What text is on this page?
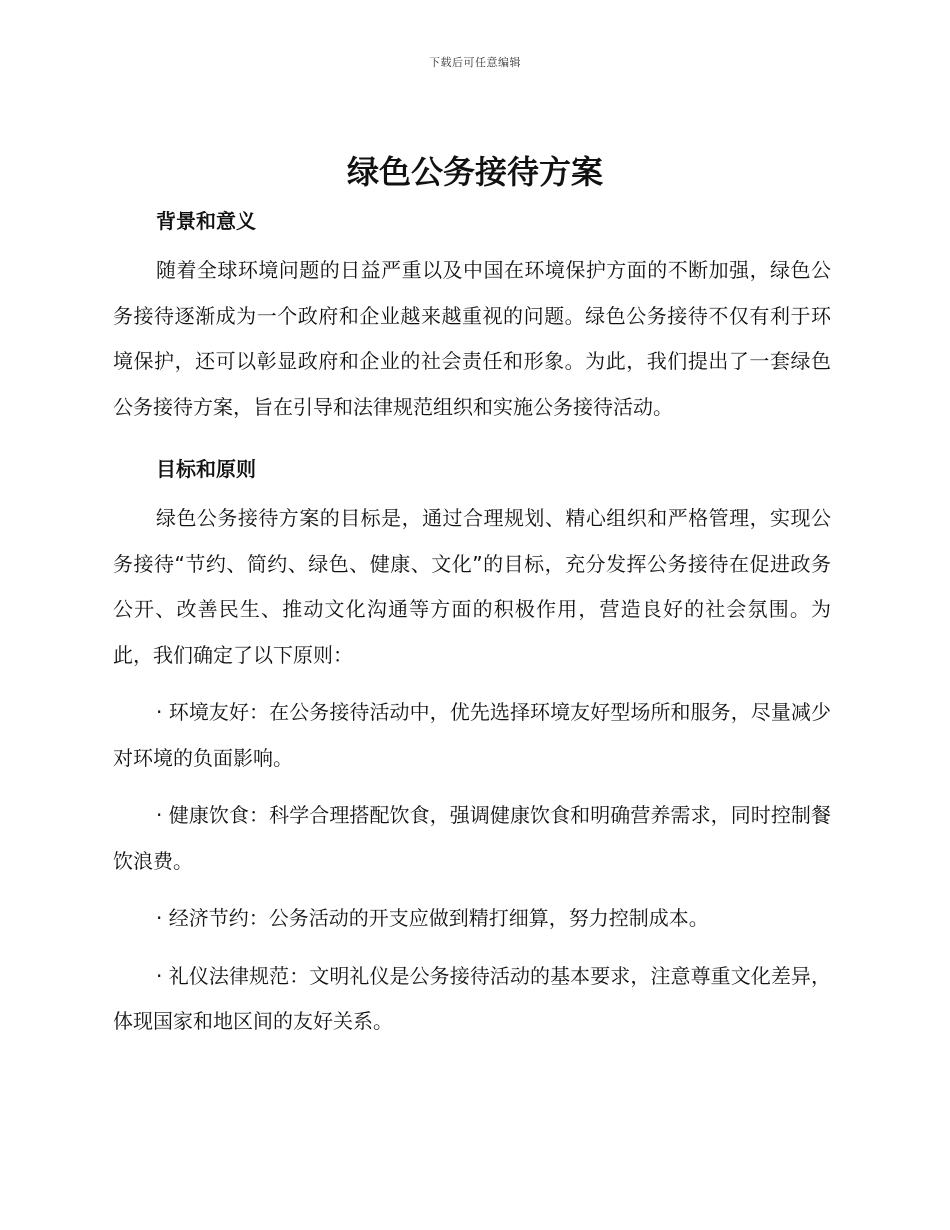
下载后可任意编辑
绿色公务接待方案
背景和意义

随着全球环境问题的日益严重以及中国在环境保护方面的不断加强，绿色公务接待逐渐成为一个政府和企业越来越重视的问题。绿色公务接待不仅有利于环境保护，还可以彰显政府和企业的社会责任和形象。为此，我们提出了一套绿色公务接待方案，旨在引导和法律规范组织和实施公务接待活动。

目标和原则

绿色公务接待方案的目标是，通过合理规划、精心组织和严格管理，实现公务接待“节约、简约、绿色、健康、文化”的目标，充分发挥公务接待在促进政务公开、改善民生、推动文化沟通等方面的积极作用，营造良好的社会氛围。为此，我们确定了以下原则：

· 环境友好：在公务接待活动中，优先选择环境友好型场所和服务，尽量减少对环境的负面影响。

· 健康饮食：科学合理搭配饮食，强调健康饮食和明确营养需求，同时控制餐饮浪费。

· 经济节约：公务活动的开支应做到精打细算，努力控制成本。

· 礼仪法律规范：文明礼仪是公务接待活动的基本要求，注意尊重文化差异，体现国家和地区间的友好关系。
